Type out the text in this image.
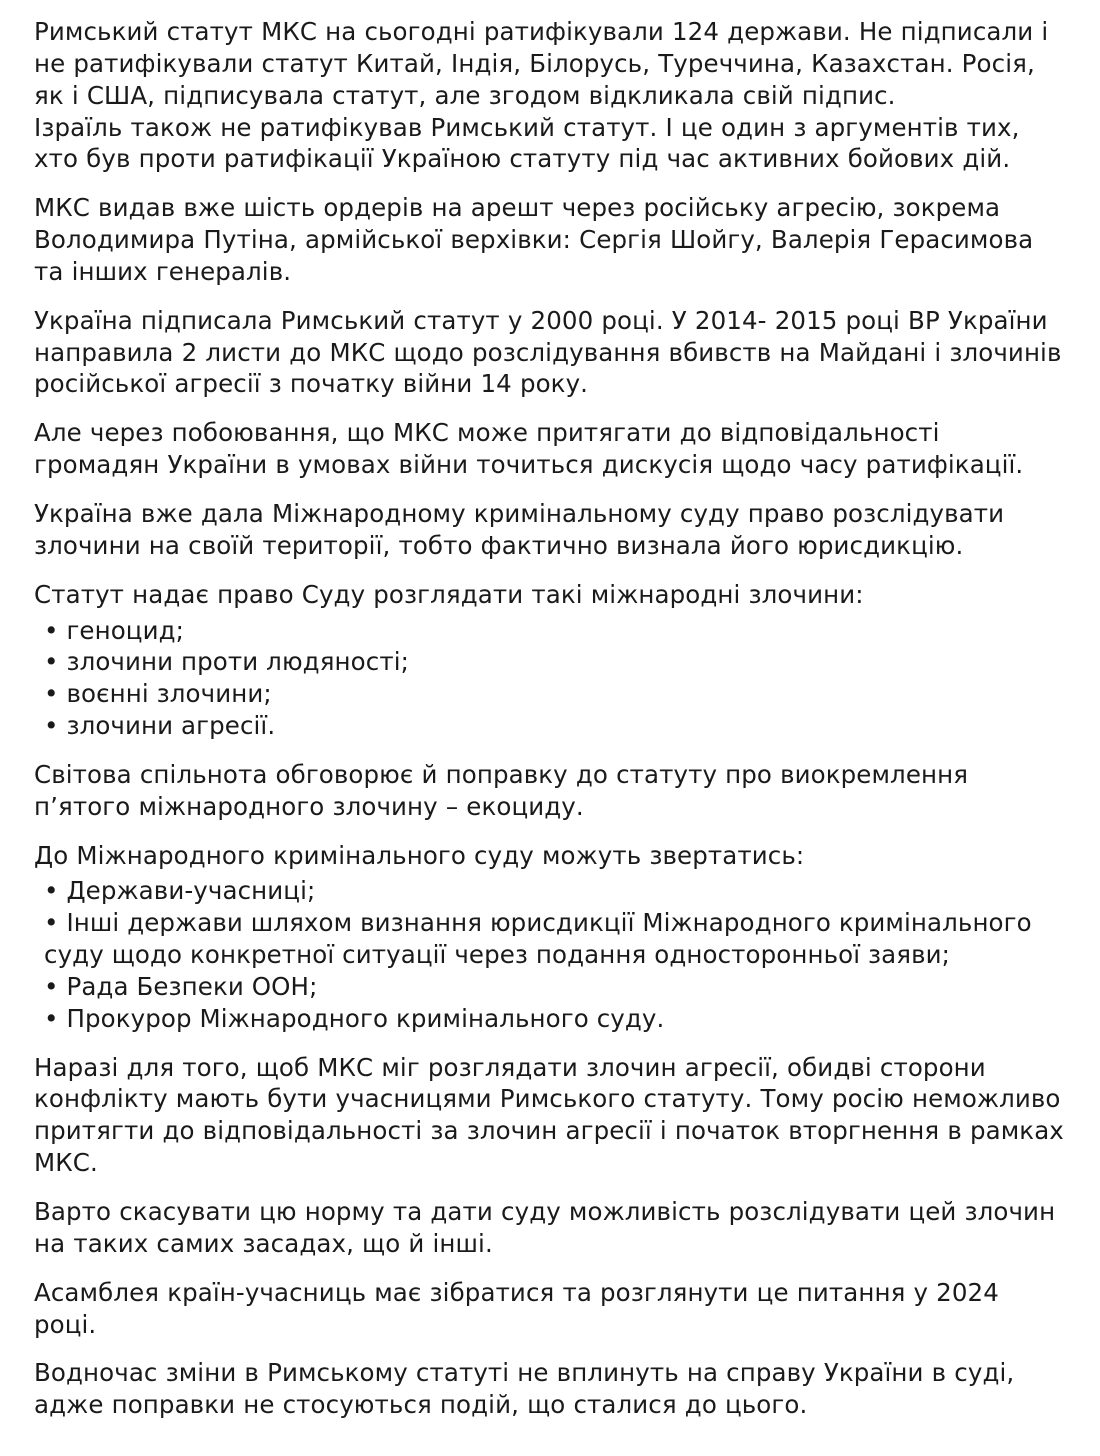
Римський статут МКС на сьогодні ратифікували 124 держави. Не підписали і не ратифікували статут Китай, Індія, Білорусь, Туреччина, Казахстан. Росія, як і США, підписувала статут, але згодом відкликала свій підпис.

Ізраїль також не ратифікував Римський статут. І це один з аргументів тих, хто був проти ратифікації Україною статуту під час активних бойових дій.

МКС видав вже шість ордерів на арешт через російську агресію, зокрема Володимира Путіна, армійської верхівки: Сергія Шойгу, Валерія Герасимова та інших генералів.

Україна підписала Римський статут у 2000 році. У 2014- 2015 році ВР України направила 2 листи до МКС щодо розслідування вбивств на Майдані і злочинів російської агресії з початку війни 14 року.

Але через побоювання, що МКС може притягати до відповідальності громадян України в умовах війни точиться дискусія щодо часу ратифікації.

Україна вже дала Міжнародному кримінальному суду право розслідувати злочини на своїй території, тобто фактично визнала його юрисдикцію.

Статут надає право Суду розглядати такі міжнародні злочини:

• геноцид;

• злочини проти людяності;

• воєнні злочини;

• злочини агресії.

Світова спільнота обговорює й поправку до статуту про виокремлення п’ятого міжнародного злочину – екоциду.

До Міжнародного кримінального суду можуть звертатись:

• Держави-учасниці;

• Інші держави шляхом визнання юрисдикції Міжнародного кримінального суду щодо конкретної ситуації через подання односторонньої заяви;

• Рада Безпеки ООН;

• Прокурор Міжнародного кримінального суду.

Наразі для того, щоб МКС міг розглядати злочин агресії, обидві сторони конфлікту мають бути учасницями Римського статуту. Тому росію неможливо притягти до відповідальності за злочин агресії і початок вторгнення в рамках МКС.

Варто скасувати цю норму та дати суду можливість розслідувати цей злочин на таких самих засадах, що й інші.

Асамблея країн-учасниць має зібратися та розглянути це питання у 2024 році.

Водночас зміни в Римському статуті не вплинуть на справу України в суді, адже поправки не стосуються подій, що сталися до цього.
